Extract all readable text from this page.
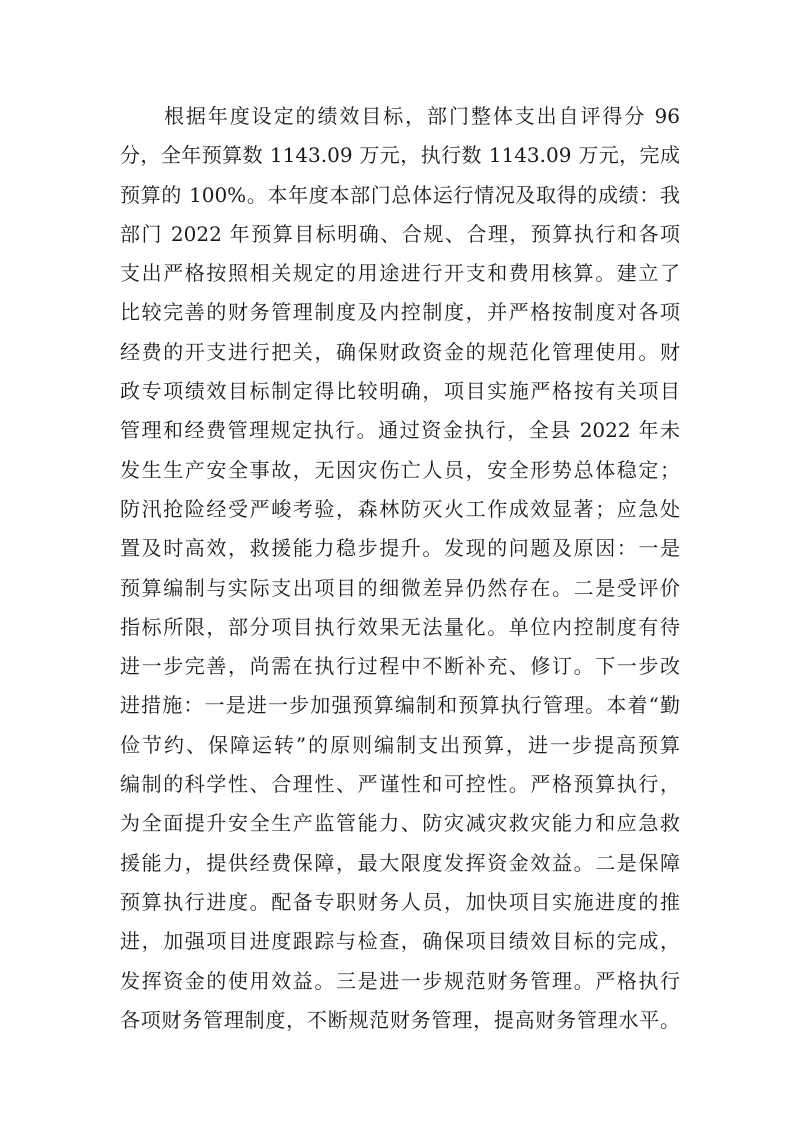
根据年度设定的绩效目标，部门整体支出自评得分 96
分，全年预算数 1143.09 万元，执行数 1143.09 万元，完成
预算的 100%。本年度本部门总体运行情况及取得的成绩：我
部门 2022 年预算目标明确、合规、合理，预算执行和各项
支出严格按照相关规定的用途进行开支和费用核算。建立了
比较完善的财务管理制度及内控制度，并严格按制度对各项
经费的开支进行把关，确保财政资金的规范化管理使用。财
政专项绩效目标制定得比较明确，项目实施严格按有关项目
管理和经费管理规定执行。通过资金执行，全县 2022 年未
发生生产安全事故，无因灾伤亡人员，安全形势总体稳定；
防汛抢险经受严峻考验，森林防灭火工作成效显著；应急处
置及时高效，救援能力稳步提升。发现的问题及原因：一是
预算编制与实际支出项目的细微差异仍然存在。二是受评价
指标所限，部分项目执行效果无法量化。单位内控制度有待
进一步完善，尚需在执行过程中不断补充、修订。下一步改
进措施：一是进一步加强预算编制和预算执行管理。本着“勤
俭节约、保障运转”的原则编制支出预算，进一步提高预算
编制的科学性、合理性、严谨性和可控性。严格预算执行，
为全面提升安全生产监管能力、防灾减灾救灾能力和应急救
援能力，提供经费保障，最大限度发挥资金效益。二是保障
预算执行进度。配备专职财务人员，加快项目实施进度的推
进，加强项目进度跟踪与检查，确保项目绩效目标的完成，
发挥资金的使用效益。三是进一步规范财务管理。严格执行
各项财务管理制度，不断规范财务管理，提高财务管理水平。
